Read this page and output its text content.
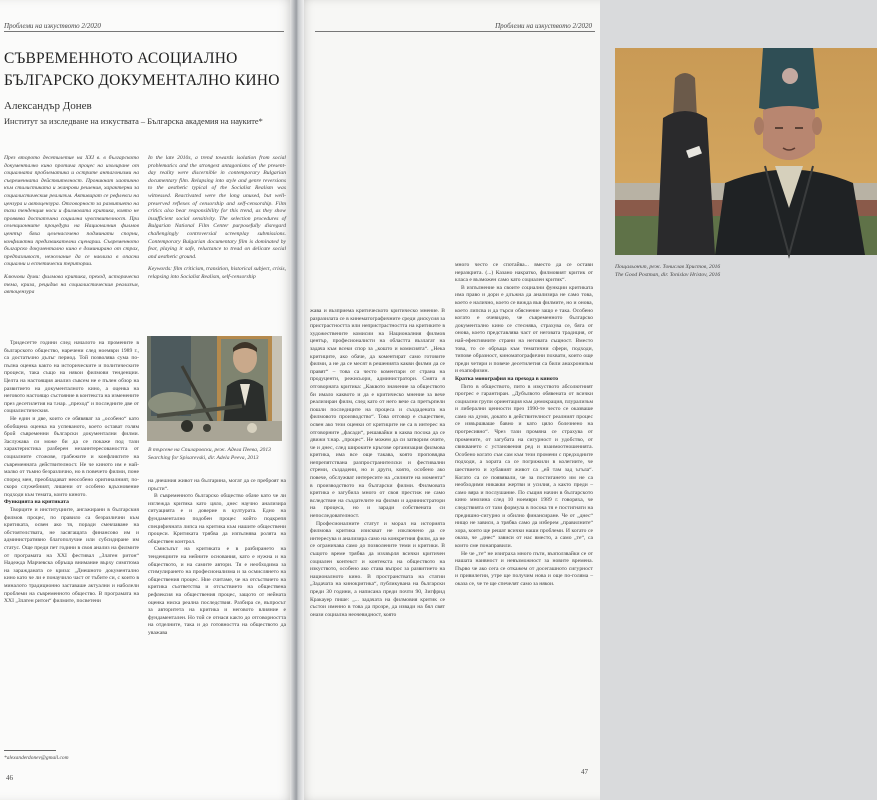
Проблеми на изкуството 2/2020
СЪВРЕМЕННОТО АСОЦИАЛНО
БЪЛГАРСКО ДОКУМЕНТАЛНО КИНО
Александър Донев
Институт за изследване на изкуствата – Българска академия на науките*

През второто десетилетие на XXI в. в българското документално кино протича процес на изолиране от социалната проблематика и острите антагонизми на съвременната действителност. Проникнат хаотично към стилистиката и жанрови решения, характерни за социалистическия реализъм. Активират се рефлекси на цензура и автоцензура. Отговорност за развитието на тази тенденция носи и филмовата критика, която не проявява достатъчна социална чувствителност. При селекционните процедури на Националния филмов център бяха целенасочено подминати спорни, конфликтни предизвикателни сценарии. Съвременното българско документално кино е доминирано от страх, предпазливост, нежелание да се навлиза в опасни социални и естетически територии.

Ключови думи: филмова критика, преход, историческа тема, криза, рецидив на социалистическия реализъм, автоцензура

In the late 2010s, a trend towards isolation from social problematics and the strongest antagonisms of the present-day reality were discernible in contemporary Bulgarian documentary film. Relapsing into style and genre reversions to the aesthetic typical of the Socialist Realism was witnessed. Reactivated were the long unused, but well-preserved reflexes of censorship and self-censorship. Film critics also bear responsibility for this trend, as they show insufficient social sensitivity. The selection procedures of Bulgarian National Film Center purposefully disregard challengingly controversial screenplay submissions. Contemporary Bulgarian documentary film is dominated by fear, playing it safe, reluctance to tread on delicate social and aesthetic ground.

Keywords: film criticism, transition, historical subject, crisis, relapsing into Socialist Realism, self-censorship

Тридесетте години след началото на промените в българското общество, наречени след ноември 1989 г., са достатъчно дълъг период. Той позволява сума по-пълна оценка както на историческите и политическите процеси, така също на някои филмови тенденции. Целта на настоящия анализ съвсем не е пълен обзор на развитието на документалното кино, а оценка на неговото настоящо състояние в контекста на изменените през десетилетия на т.нар. „преход“ и последните две от социалистическия.

Не един и две, които се обявяват за „особено“ като обобщена оценка на успеваното, което остават голям брой съвременни български документални филми. Заслужава си може би да се покаже под тази характеристика разберен незаинтересоваността от социалните стожове, грабежите и конфликтите на съвременната действителност. Не че киното им е най-малко от тъмно безразлично, но в повечето филми, поне според мен, преобладават неособено оригиналният, по-скоро служебният, лишени от особено вдъхновение подходи към темата, които киното.

Функцията на критиката

Творците и институциите, ангажирани в българския филмов процес, по правило са безразлични към критиката, освен ако тя, поради смекчаване на обстоятелствата, не засягащата финансово им и административно благополучие или субсидиране им статус. Още преди пет години в своя анализ на филмите от програмата на XXI фестивал „Златен ритон“ Надежда Марчевска обръща внимание върху симптома на заражданата се криза: „Днешното документално кино като че ли е понаучило част от тъбите си, с които в миналото традиционно заставаше актуални и наболели проблеми на съвременното общество. В програмата на XXI „Златен ритон“ филмите, посветени

В търсене на Спиларовски, реж. Аделa Пеева, 2013
Searching for Spisarevski, dir. Adela Peeva, 2013

на днешния живот на българина, могат да се преброят на пръсти“.

В съвременното българско общество обаче като че ли изглежда критика като цяло, днес научно анализира ситуацията е и доверие в културата. Едно на фундаментално подобен процес който подкрепя специфичната липса на критика към нашите обществени процеси. Критиката трябва да изпълнява ролята на обществен контрол.

Смисълът на критиката е в разбирането на тенденциите на нейните основания, като е нужна и на обществото, и на самите автори. Тя е необходима за стимулирането на професионализма и за осмислянето на обществения процес. Ние считаме, че на отсъствието на критика съответства и отсъствието на обществена рефлексия на обществения процес, защото от нейната оценка ниска реална последствия. Разбира се, въпросът за авторитета на критика и неговото влияние е фундаментален. Но той се отнася както до отговорността на отделните, така и до готовността на обществото да уважава

*alexanderdonev@gmail.com
46
Проблеми на изкуството 2/2020
Пощальонът, реж. Тонислав Христов, 2016
The Good Postman, dir. Tonislav Hristov, 2016

жава и възприема критическото критическо мнение. В разразилата се в кинематографичните среди дискусия за пристрастността или непристрастността на критиките в художествените комисии на Националния филмов център, професионалисти на областта възлагат на задача към всеки спор за „кошто и комисията“. „Нека критиците, ако обаче, да коментират само готовите филми, а не да се месят в решенията какви филми да се правят“ – това са често коментари от страна на продуценти, режисьори, администратори. Смята я отговорната критика: „Каквото значение за обществото би имало каквото и да е критическо мнение за вече реализиран филм, след като от него вече са претърпели пошли последиците на процеса и създадената на филмовото производство“. Това отговор е съществен, освен ако тези оценки от критиците не са в интерес на отговорните „фасади“, решавайки в каква посока да се движи т.нар. „процес“. Не можем да си затворим очите, че и днес, след широките кръгове организация филмова критика, има все още такава, която проповядва непрепятствана разпространителски и фестивални стреми, създадени, но и други, която, особено ако повече, обслужват интересите на „силните на момента“ в производството на български филми. Филмовата критика е загубила много от своя престиж не само вследствие на създателите на филми и администратори на процеса, но и заради собствената си непоследователност.

Професионалните статут и морал на историята филмова критика изискват не изключено да се интересува и анализира само на конкретния филм, да не се ограничава само до позволените теми и критики. В същото време трябва да изхвърля всички критичен социален контекст и контекста на обществото на изкуството, особено ако става въпрос за развитието на националното кино. В пространствата на статии „Задачата на кинокритика“, публикувана на български преди 30 години, а написана преди почти 90, Зигфрид Кракауер пише: „... задачата на филмовия критик се състои именно в това да прозре, да извади на бял свят онази социална неочевидност, която

много често се спотайва... вместо да се остави неразкрита. (...) Казано накратко, филмовият критик от класа е възможен само като социален критик“.

В изпълнение на своите социални функции критиката има право и дори е длъжна да анализира не само това, което е налично, което се вижда във филмите, но и онова, което липсва и да търси обяснение защо е така. Особено когато е очевидно, че съвременното българско документално кино се стеснява, страхува се, бяга от онова, което представлява част от неговата традиция, от най-ефективните страни на неговата същност. Вместо това, то се обръща към тематични сфери, подходи, типове образност, киноматографични похвати, които още преди четири и повече десетилетия са били анахронизъм и ехапофизин.

Кратка монография на прехода в киното

Пито в обществото, пито в изкуството абсолютният прогрес е гарантиран. „Дубълвото обявената от всички социални групи ориентация към демокрация, плурализъм и либерални ценности през 1990-те често се оказваше само на думи, докато в действителност реалният процес се извършваше бавно и като цяло болезнено на прогресивно“. Чрез тази промяна се страхува от промените, от загубата на сигурност и удобство, от свикването с установения ред и взаимоотношенията. Особено когато съм сам към тези промени с предходните подходи, а хората са се погрижили в колегиите, че шествието и хубавият живот са „ей там зад ъгъла“. Когато са се появявали, че за постигането им не са необходими никакви жертви и усилия, а както преди – само вяра и послушание. По същия начин в българското кино мнозина след 10 ноември 1989 г. говоряха, че следствията от тази формула в посока тя е постигнати на предишно-сигурно и обилно финансиране. Че от „днес“ нищо не зависи, а трябва само да изберем „правилните“ хора, които ще решат всички наши проблеми. И когато се оказа, че „днес“ зависи от нас вместо, а само „те“, са които сме понаправили.

Не че „те“ не изиграха много пъти, възползвайки се от нашата наивност и невъзможност за новите времена. Първо че ако сега се откажем от досегашното сигурност и привилегии, утре ще получим нова и още по-голяма – оказа се, че те ще спечелят само за някои.

47
